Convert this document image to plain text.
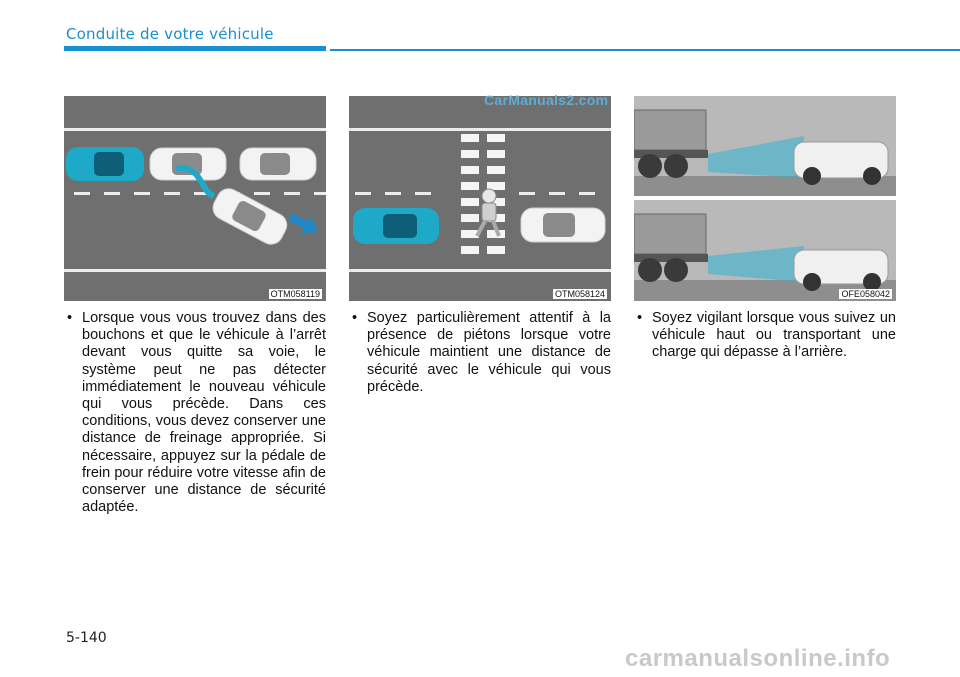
Conduite de votre véhicule
OTM058119	OTM058124
CarManuals2.com
OFE058042
• Lorsque vous vous trouvez dans des bouchons et que le véhicule à l’arrêt devant vous quitte sa voie, le système peut ne pas détecter immédiatement le nouveau véhicule qui vous précède. Dans ces conditions, vous devez conserver une distance de freinage appropriée. Si nécessaire, appuyez sur la pédale de frein pour réduire votre vitesse afin de conserver une distance de sécurité adaptée.
• Soyez particulièrement attentif à la présence de piétons lorsque votre véhicule maintient une distance de sécurité avec le véhicule qui vous précède.
• Soyez vigilant lorsque vous suivez un véhicule haut ou transportant une charge qui dépasse à l’arrière.
5-140
carmanualsonline.info
